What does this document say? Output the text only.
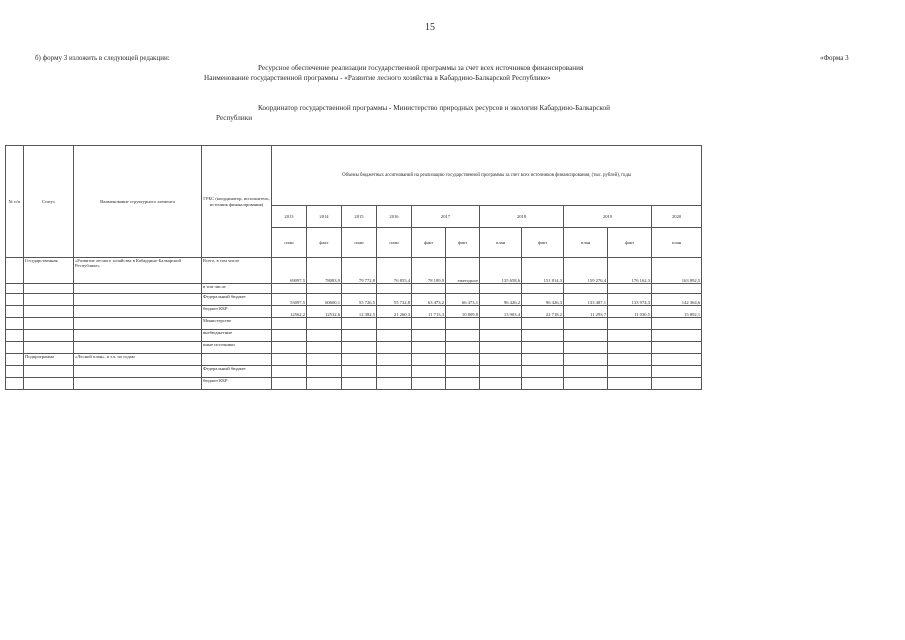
15
б) форму 3 изложить в следующей редакции:	«Форма 3
Ресурсное обеспечение реализации государственной программы за счет всех источников финансирования
Наименование государственной программы - «Развитие лесного хозяйства в Кабардино-Балкарской Республике»
Координатор государственной программы - Министерство природных ресурсов и экологии Кабардино-Балкарской
Республики
№ п/п	Статус	Наименование структурного элемента	ГРБС (координатор, исполнитель, источник финансирования)	Объемы бюджетных ассигнований на реализацию государственной программы за счет всех источников финансирования, (тыс. рублей), годы										
				2013	2014	2015	2016	2017		2018		2019		2020
				план	факт	план	план	факт	факт	план	факт	план	факт	план
	Государственная	«Развитие лесного хозяйства в Кабардино-Балкарской Республике»	Всего, в том числе	69097,5	78083,9	79 772,8	76 855,4	78 189,9	ежегодное	135 658,6	151 814,3	159 276,4	176 162,3	163 892,5
			в том числе											
			Федеральный бюджет	53097,5	60600,1	55 726,5	55 732,8	63 473,2	66 473,1	96 426,2	96 426,3	133 487,1	133 974,3	142 364,6
			бюджет КБР	12562,2	12532,6	12 382,5	21 260,3	11 713,3	10 809,8	13 903,4	22 718,2	11 293,7	11 030,5	15 892,1
			Министерство											
			внебюджетные											
			иные источники											
	Подпрограмма	«Лесной план», в т.ч. по годам												
			Федеральный бюджет											
			бюджет КБР											
